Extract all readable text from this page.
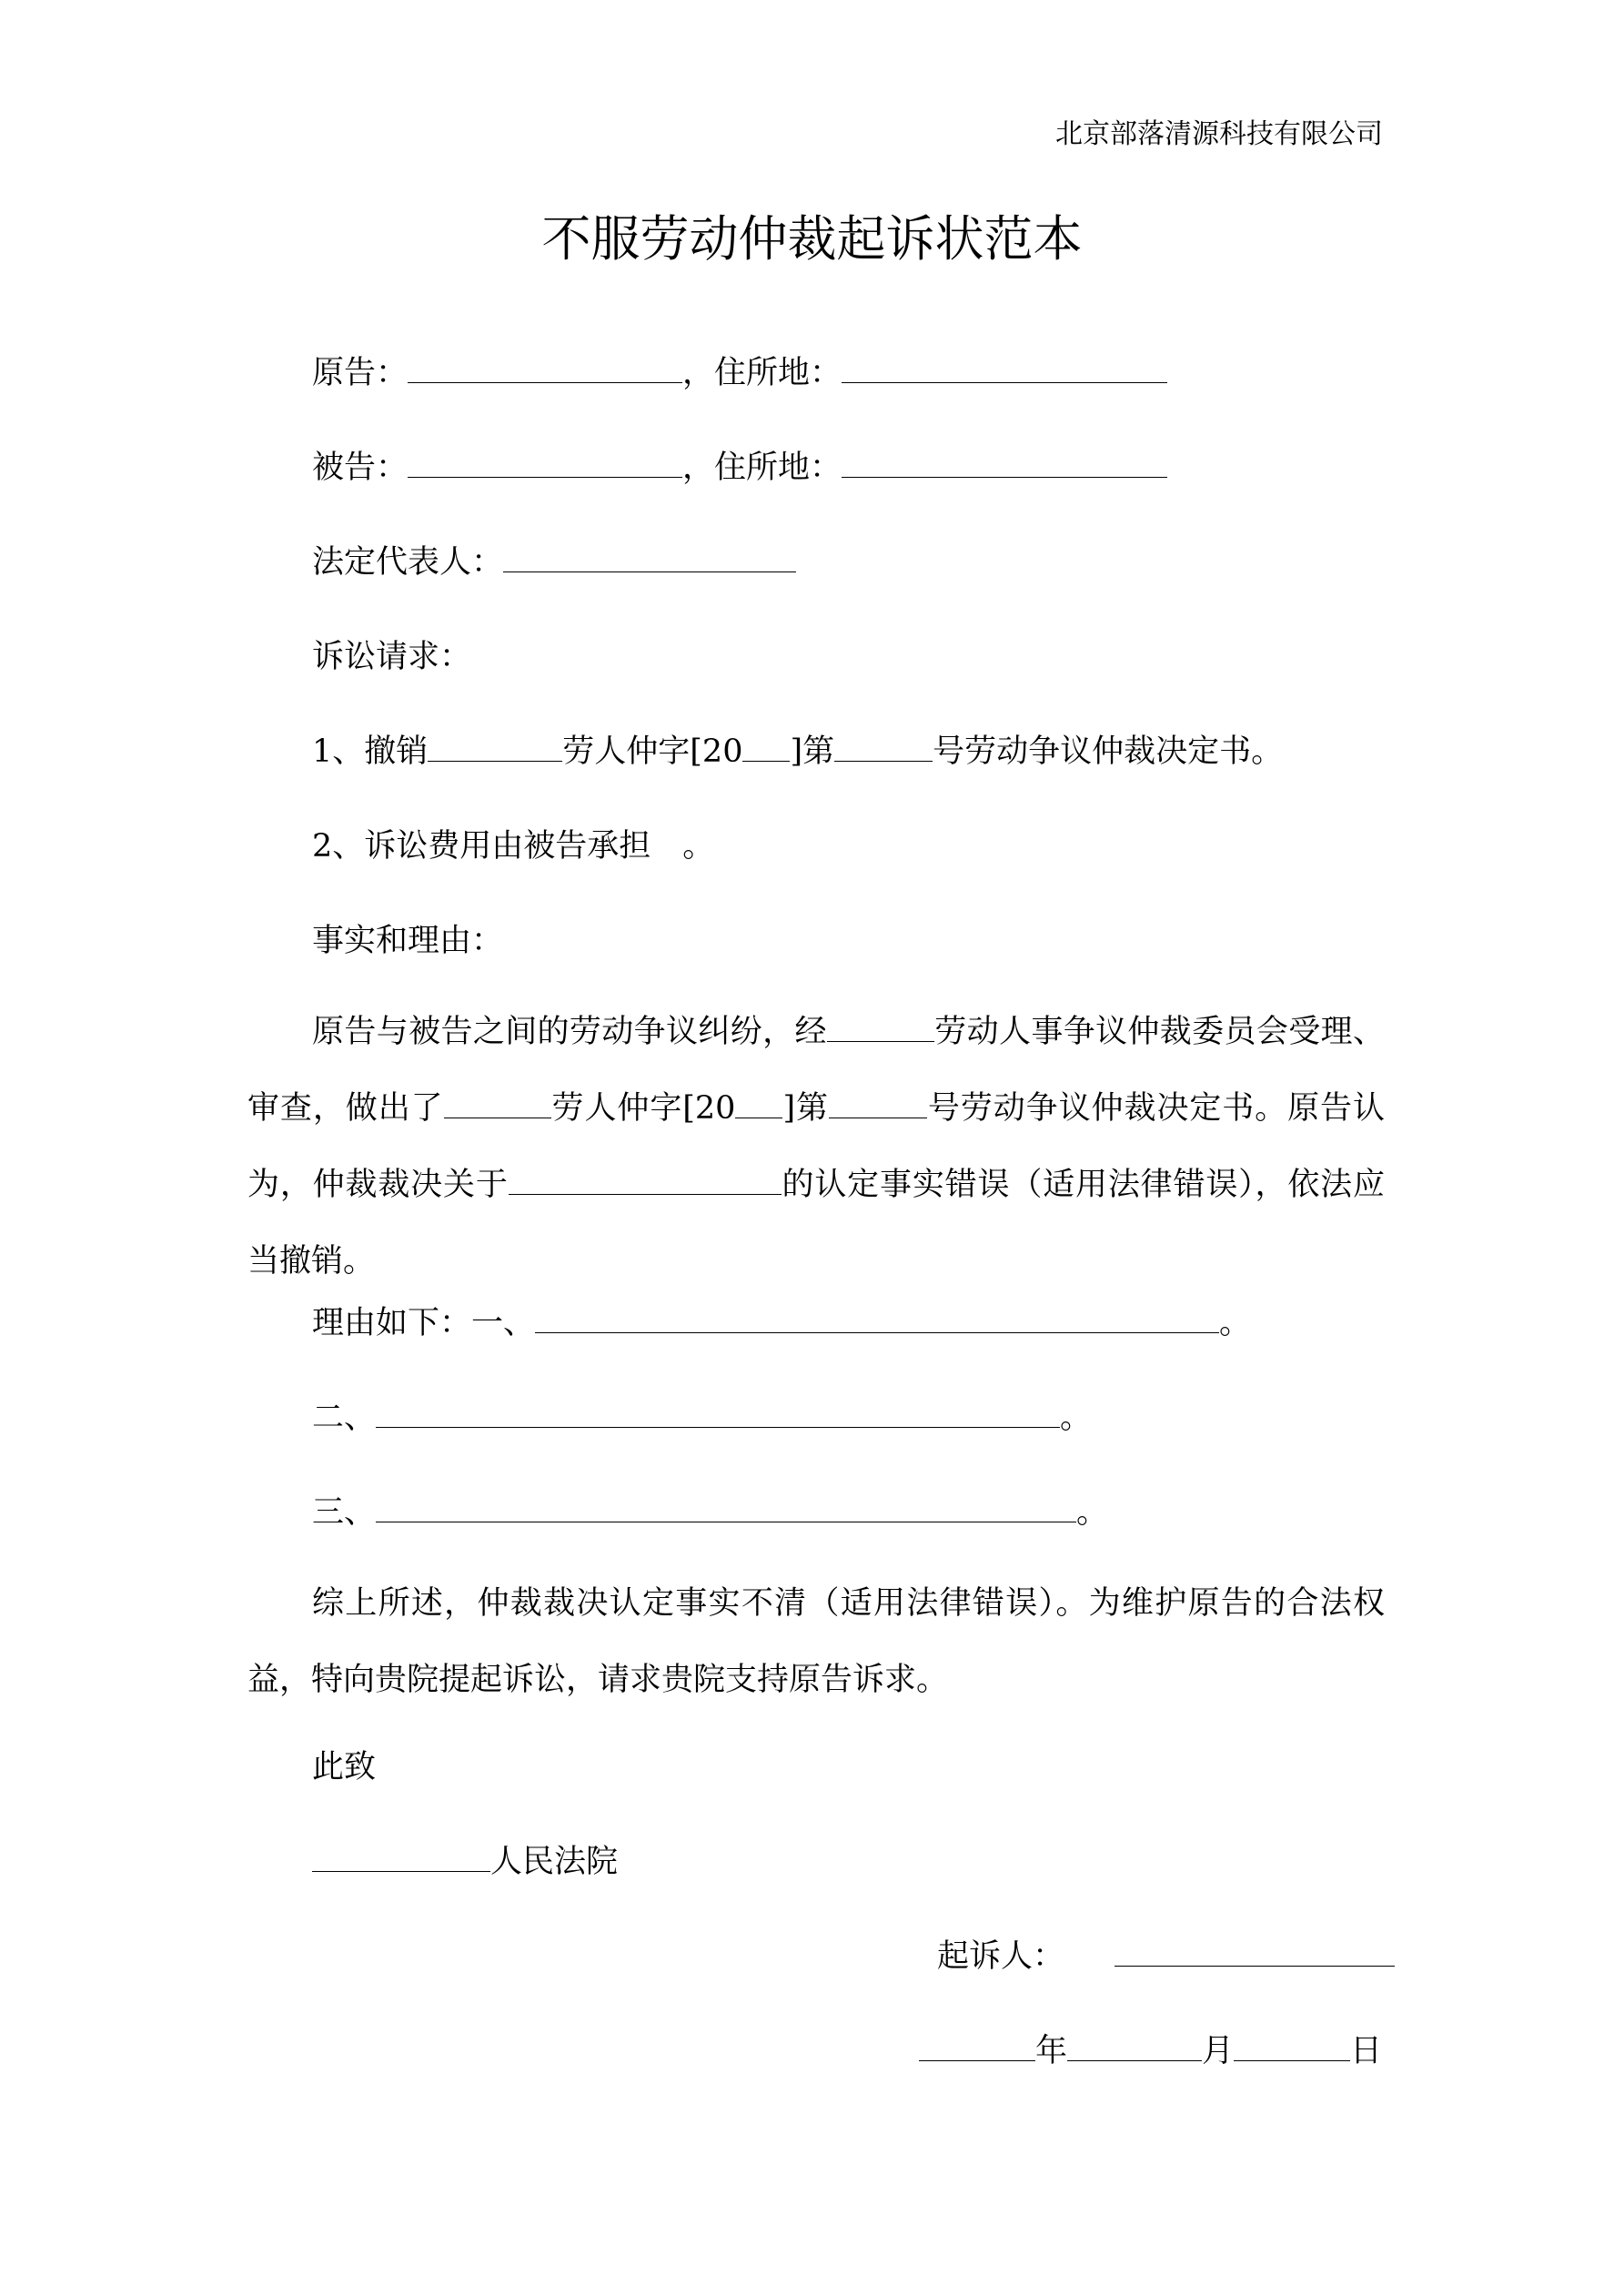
北京部落清源科技有限公司
不服劳动仲裁起诉状范本
原告：	，住所地：
被告：	，住所地：
法定代表人：
诉讼请求：
1、撤销	劳人仲字[20 ]第	号劳动争议仲裁决定书。
2、诉讼费用由被告承担　。
事实和理由：
原告与被告之间的劳动争议纠纷，经	劳动人事争议仲裁委员会受理、审查，做出了	劳人仲字[20 ]第	号劳动争议仲裁决定书。原告认为，仲裁裁决关于	的认定事实错误（适用法律错误），依法应当撤销。
理由如下：一、	。
二、	。
三、	。
综上所述，仲裁裁决认定事实不清（适用法律错误）。为维护原告的合法权益，特向贵院提起诉讼，请求贵院支持原告诉求。
此致
人民法院
起诉人：
年	月	日
